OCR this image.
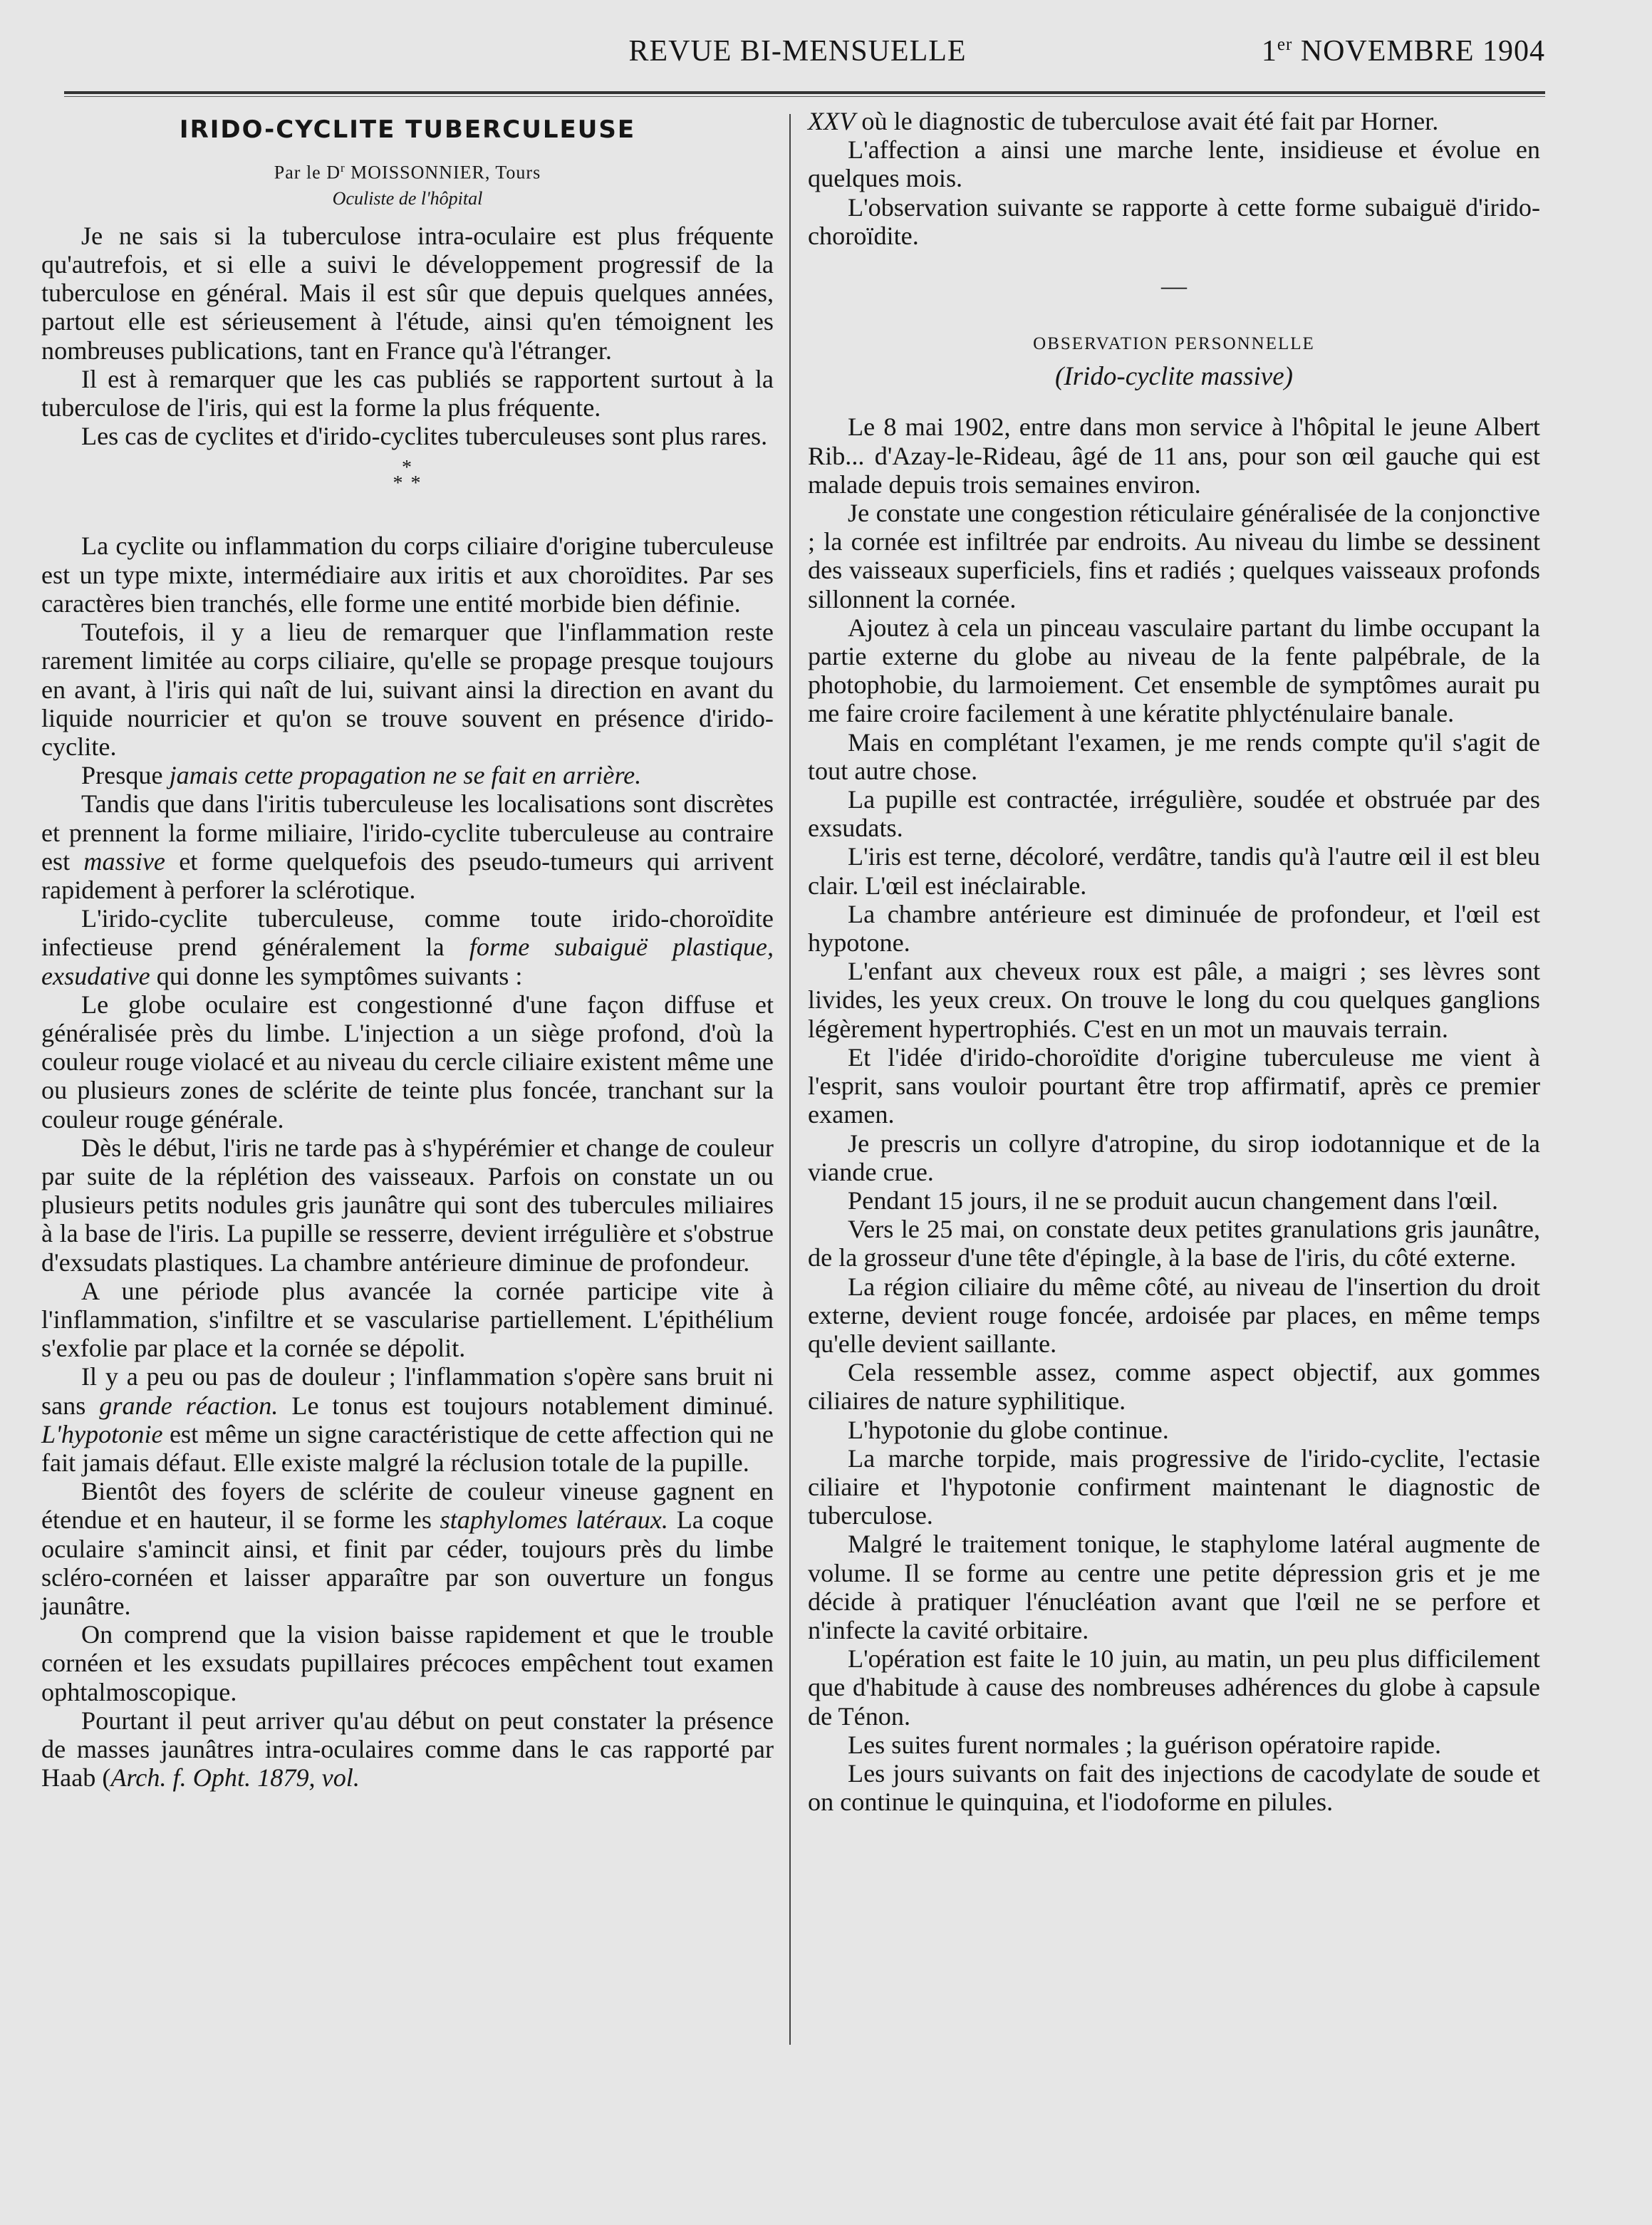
REVUE BI-MENSUELLE	1er NOVEMBRE 1904
IRIDO-CYCLITE TUBERCULEUSE
Par le $D^r$ MOISSONNIER, Tours
Oculiste de l'hôpital

Je ne sais si la tuberculose intra-oculaire est plus fréquente qu'autrefois, et si elle a suivi le développement progressif de la tuberculose en général. Mais il est sûr que depuis quelques années, partout elle est sérieusement à l'étude, ainsi qu'en témoignent les nombreuses publications, tant en France qu'à l'étranger.

Il est à remarquer que les cas publiés se rapportent surtout à la tuberculose de l'iris, qui est la forme la plus fréquente.

Les cas de cyclites et d'irido-cyclites tuberculeuses sont plus rares.

*
* *

La cyclite ou inflammation du corps ciliaire d'origine tuberculeuse est un type mixte, intermédiaire aux iritis et aux choroïdites. Par ses caractères bien tranchés, elle forme une entité morbide bien définie.

Toutefois, il y a lieu de remarquer que l'inflammation reste rarement limitée au corps ciliaire, qu'elle se propage presque toujours en avant, à l'iris qui naît de lui, suivant ainsi la direction en avant du liquide nourricier et qu'on se trouve souvent en présence d'irido-cyclite.

Presque jamais cette propagation ne se fait en arrière.

Tandis que dans l'iritis tuberculeuse les localisations sont discrètes et prennent la forme miliaire, l'irido-cyclite tuberculeuse au contraire est massive et forme quelquefois des pseudo-tumeurs qui arrivent rapidement à perforer la sclérotique.

L'irido-cyclite tuberculeuse, comme toute irido-choroïdite infectieuse prend généralement la forme subaiguë plastique, exsudative qui donne les symptômes suivants :

Le globe oculaire est congestionné d'une façon diffuse et généralisée près du limbe. L'injection a un siège profond, d'où la couleur rouge violacé et au niveau du cercle ciliaire existent même une ou plusieurs zones de sclérite de teinte plus foncée, tranchant sur la couleur rouge générale.

Dès le début, l'iris ne tarde pas à s'hypérémier et change de couleur par suite de la réplétion des vaisseaux. Parfois on constate un ou plusieurs petits nodules gris jaunâtre qui sont des tubercules miliaires à la base de l'iris. La pupille se resserre, devient irrégulière et s'obstrue d'exsudats plastiques. La chambre antérieure diminue de profondeur.

A une période plus avancée la cornée participe vite à l'inflammation, s'infiltre et se vascularise partiellement. L'épithélium s'exfolie par place et la cornée se dépolit.

Il y a peu ou pas de douleur ; l'inflammation s'opère sans bruit ni sans grande réaction. Le tonus est toujours notablement diminué. L'hypotonie est même un signe caractéristique de cette affection qui ne fait jamais défaut. Elle existe malgré la réclusion totale de la pupille.

Bientôt des foyers de sclérite de couleur vineuse gagnent en étendue et en hauteur, il se forme les staphylomes latéraux. La coque oculaire s'amincit ainsi, et finit par céder, toujours près du limbe scléro-cornéen et laisser apparaître par son ouverture un fongus jaunâtre.

On comprend que la vision baisse rapidement et que le trouble cornéen et les exsudats pupillaires précoces empêchent tout examen ophtalmoscopique.

Pourtant il peut arriver qu'au début on peut constater la présence de masses jaunâtres intra-oculaires comme dans le cas rapporté par Haab (Arch. f. Opht. 1879, vol.

XXV où le diagnostic de tuberculose avait été fait par Horner.

L'affection a ainsi une marche lente, insidieuse et évolue en quelques mois.

L'observation suivante se rapporte à cette forme subaiguë d'irido-choroïdite.

—
OBSERVATION PERSONNELLE
(Irido-cyclite massive)

Le 8 mai 1902, entre dans mon service à l'hôpital le jeune Albert Rib... d'Azay-le-Rideau, âgé de 11 ans, pour son œil gauche qui est malade depuis trois semaines environ.

Je constate une congestion réticulaire généralisée de la conjonctive ; la cornée est infiltrée par endroits. Au niveau du limbe se dessinent des vaisseaux superficiels, fins et radiés ; quelques vaisseaux profonds sillonnent la cornée.

Ajoutez à cela un pinceau vasculaire partant du limbe occupant la partie externe du globe au niveau de la fente palpébrale, de la photophobie, du larmoiement. Cet ensemble de symptômes aurait pu me faire croire facilement à une kératite phlycténulaire banale.

Mais en complétant l'examen, je me rends compte qu'il s'agit de tout autre chose.

La pupille est contractée, irrégulière, soudée et obstruée par des exsudats.

L'iris est terne, décoloré, verdâtre, tandis qu'à l'autre œil il est bleu clair. L'œil est inéclairable.

La chambre antérieure est diminuée de profondeur, et l'œil est hypotone.

L'enfant aux cheveux roux est pâle, a maigri ; ses lèvres sont livides, les yeux creux. On trouve le long du cou quelques ganglions légèrement hypertrophiés. C'est en un mot un mauvais terrain.

Et l'idée d'irido-choroïdite d'origine tuberculeuse me vient à l'esprit, sans vouloir pourtant être trop affirmatif, après ce premier examen.

Je prescris un collyre d'atropine, du sirop iodotannique et de la viande crue.

Pendant 15 jours, il ne se produit aucun changement dans l'œil.

Vers le 25 mai, on constate deux petites granulations gris jaunâtre, de la grosseur d'une tête d'épingle, à la base de l'iris, du côté externe.

La région ciliaire du même côté, au niveau de l'insertion du droit externe, devient rouge foncée, ardoisée par places, en même temps qu'elle devient saillante.

Cela ressemble assez, comme aspect objectif, aux gommes ciliaires de nature syphilitique.

L'hypotonie du globe continue.

La marche torpide, mais progressive de l'irido-cyclite, l'ectasie ciliaire et l'hypotonie confirment maintenant le diagnostic de tuberculose.

Malgré le traitement tonique, le staphylome latéral augmente de volume. Il se forme au centre une petite dépression gris et je me décide à pratiquer l'énucléation avant que l'œil ne se perfore et n'infecte la cavité orbitaire.

L'opération est faite le 10 juin, au matin, un peu plus difficilement que d'habitude à cause des nombreuses adhérences du globe à capsule de Ténon.

Les suites furent normales ; la guérison opératoire rapide.

Les jours suivants on fait des injections de cacodylate de soude et on continue le quinquina, et l'iodoforme en pilules.
